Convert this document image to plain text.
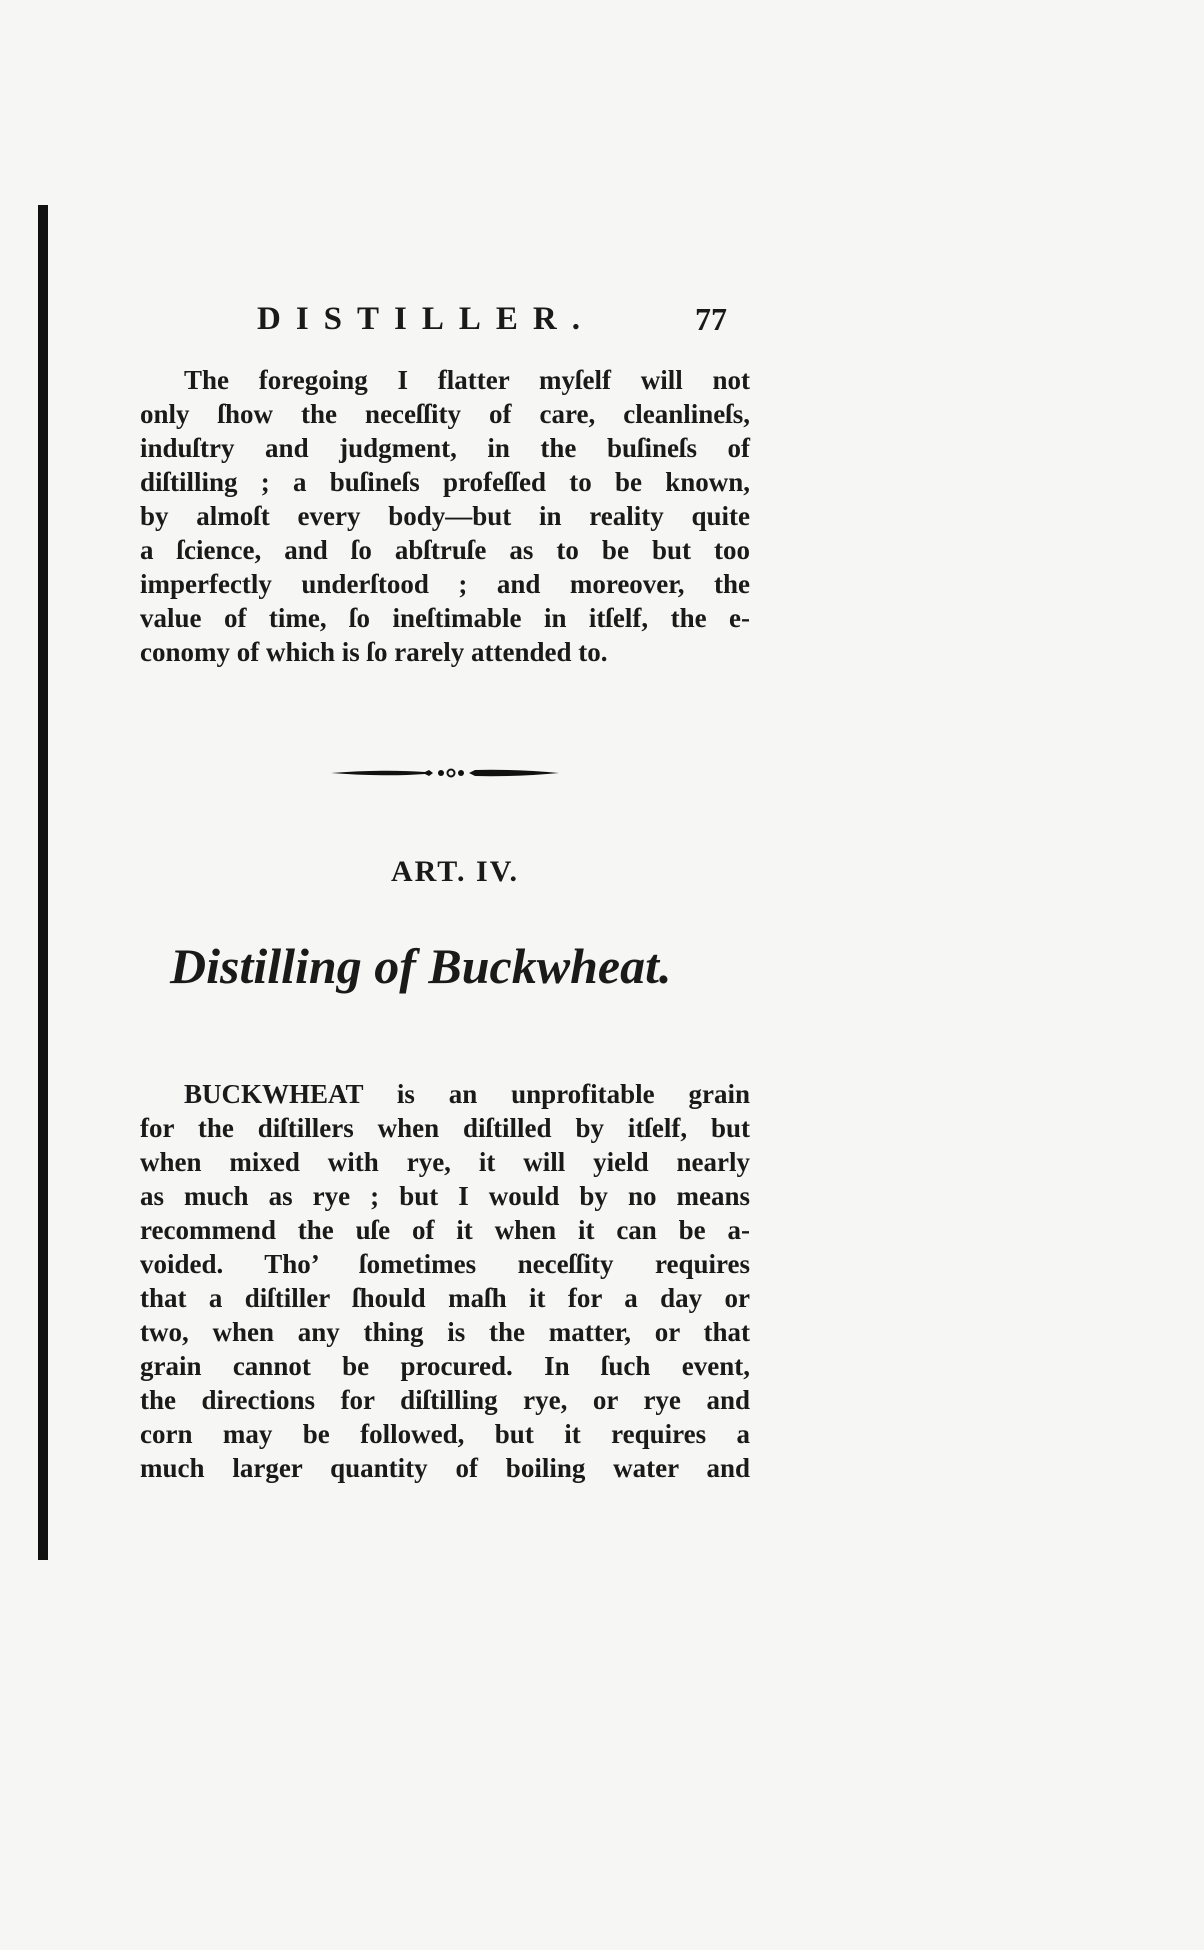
DISTILLER.	77

The foregoing I flatter myſelf will not
only ſhow the neceſſity of care, cleanlineſs,
induſtry and judgment, in the buſineſs of
diſtilling ; a buſineſs profeſſed to be known,
by almoſt every body—but in reality quite
a ſcience, and ſo abſtruſe as to be but too
imperfectly underſtood ; and moreover, the
value of time, ſo ineſtimable in itſelf, the e-
conomy of which is ſo rarely attended to.

ART. IV.
Distilling of Buckwheat.

BUCKWHEAT is an unprofitable grain
for the diſtillers when diſtilled by itſelf, but
when mixed with rye, it will yield nearly
as much as rye ; but I would by no means
recommend the uſe of it when it can be a-
voided. Tho’ ſometimes neceſſity requires
that a diſtiller ſhould maſh it for a day or
two, when any thing is the matter, or that
grain cannot be procured. In ſuch event,
the directions for diſtilling rye, or rye and
corn may be followed, but it requires a
much larger quantity of boiling water and
